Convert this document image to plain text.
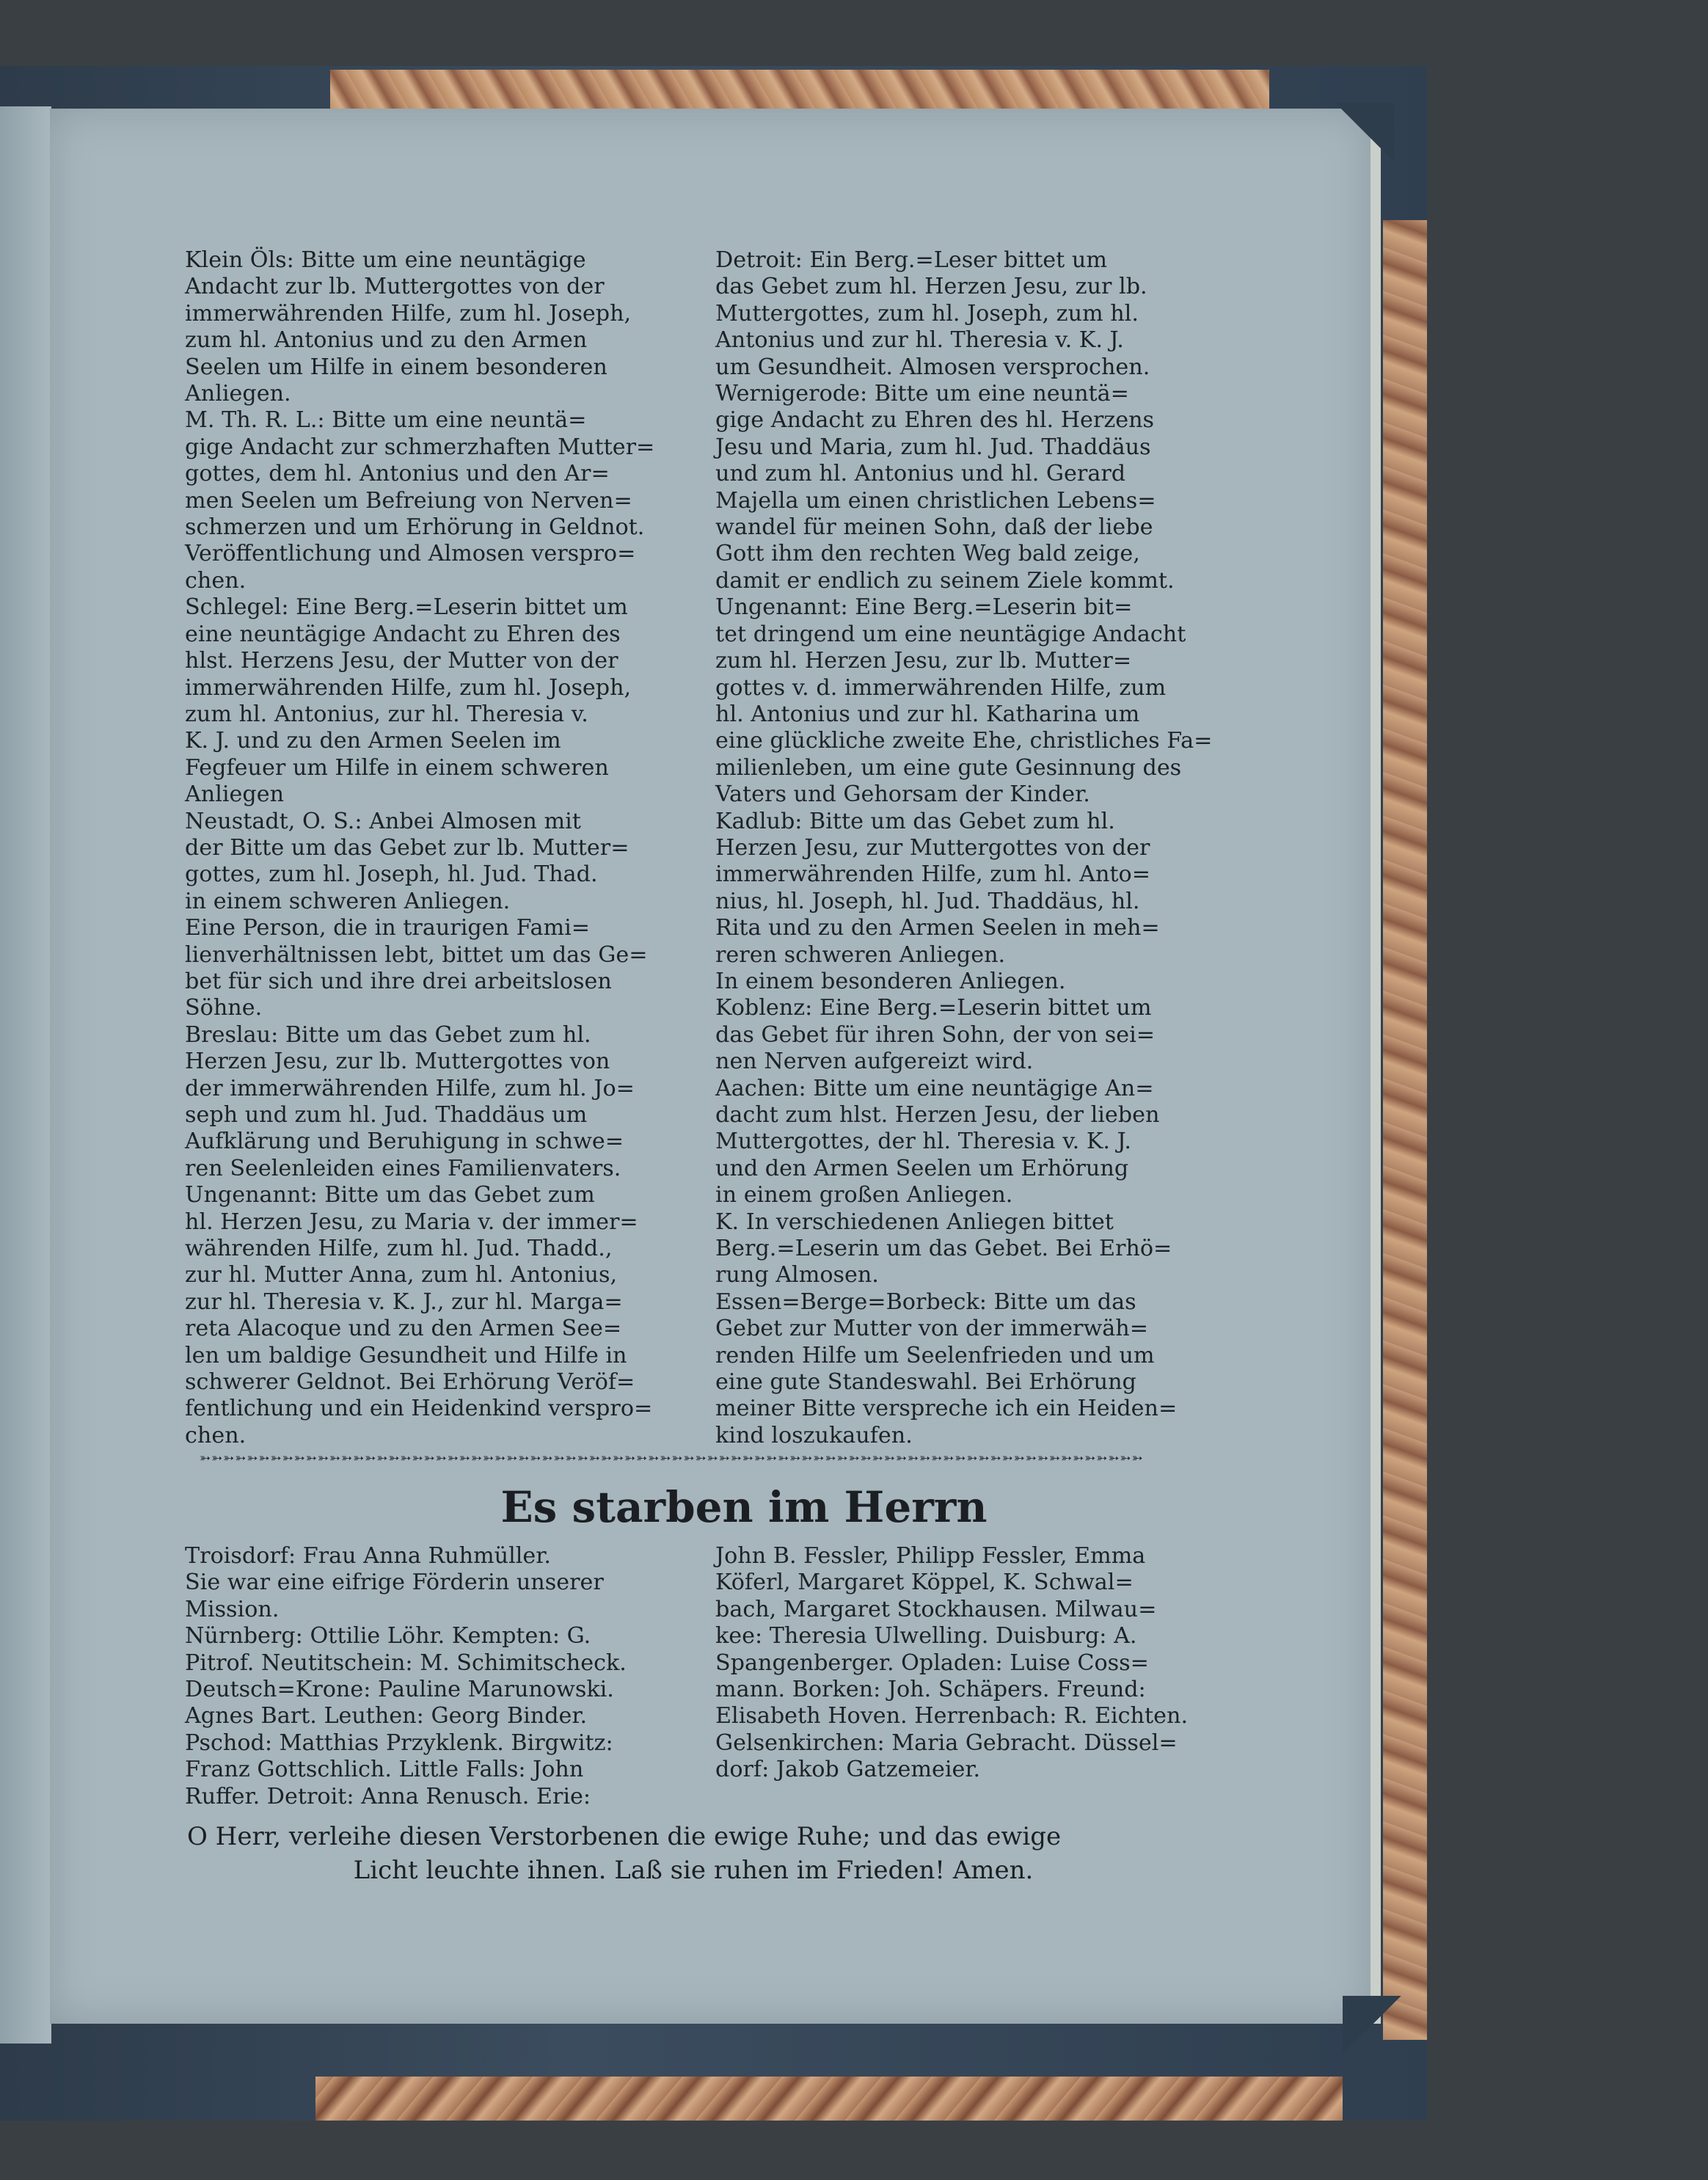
Klein Öls: Bitte um eine neuntägige
Andacht zur lb. Muttergottes von der
immerwährenden Hilfe, zum hl. Joseph,
zum hl. Antonius und zu den Armen
Seelen um Hilfe in einem besonderen
Anliegen.
M. Th. R. L.: Bitte um eine neuntä=
gige Andacht zur schmerzhaften Mutter=
gottes, dem hl. Antonius und den Ar=
men Seelen um Befreiung von Nerven=
schmerzen und um Erhörung in Geldnot.
Veröffentlichung und Almosen verspro=
chen.
Schlegel: Eine Berg.=Leserin bittet um
eine neuntägige Andacht zu Ehren des
hlst. Herzens Jesu, der Mutter von der
immerwährenden Hilfe, zum hl. Joseph,
zum hl. Antonius, zur hl. Theresia v.
K. J. und zu den Armen Seelen im
Fegfeuer um Hilfe in einem schweren
Anliegen
Neustadt, O. S.: Anbei Almosen mit
der Bitte um das Gebet zur lb. Mutter=
gottes, zum hl. Joseph, hl. Jud. Thad.
in einem schweren Anliegen.
Eine Person, die in traurigen Fami=
lienverhältnissen lebt, bittet um das Ge=
bet für sich und ihre drei arbeitslosen
Söhne.
Breslau: Bitte um das Gebet zum hl.
Herzen Jesu, zur lb. Muttergottes von
der immerwährenden Hilfe, zum hl. Jo=
seph und zum hl. Jud. Thaddäus um
Aufklärung und Beruhigung in schwe=
ren Seelenleiden eines Familienvaters.
Ungenannt: Bitte um das Gebet zum
hl. Herzen Jesu, zu Maria v. der immer=
währenden Hilfe, zum hl. Jud. Thadd.,
zur hl. Mutter Anna, zum hl. Antonius,
zur hl. Theresia v. K. J., zur hl. Marga=
reta Alacoque und zu den Armen See=
len um baldige Gesundheit und Hilfe in
schwerer Geldnot. Bei Erhörung Veröf=
fentlichung und ein Heidenkind verspro=
chen.
Detroit: Ein Berg.=Leser bittet um
das Gebet zum hl. Herzen Jesu, zur lb.
Muttergottes, zum hl. Joseph, zum hl.
Antonius und zur hl. Theresia v. K. J.
um Gesundheit. Almosen versprochen.
Wernigerode: Bitte um eine neuntä=
gige Andacht zu Ehren des hl. Herzens
Jesu und Maria, zum hl. Jud. Thaddäus
und zum hl. Antonius und hl. Gerard
Majella um einen christlichen Lebens=
wandel für meinen Sohn, daß der liebe
Gott ihm den rechten Weg bald zeige,
damit er endlich zu seinem Ziele kommt.
Ungenannt: Eine Berg.=Leserin bit=
tet dringend um eine neuntägige Andacht
zum hl. Herzen Jesu, zur lb. Mutter=
gottes v. d. immerwährenden Hilfe, zum
hl. Antonius und zur hl. Katharina um
eine glückliche zweite Ehe, christliches Fa=
milienleben, um eine gute Gesinnung des
Vaters und Gehorsam der Kinder.
Kadlub: Bitte um das Gebet zum hl.
Herzen Jesu, zur Muttergottes von der
immerwährenden Hilfe, zum hl. Anto=
nius, hl. Joseph, hl. Jud. Thaddäus, hl.
Rita und zu den Armen Seelen in meh=
reren schweren Anliegen.
In einem besonderen Anliegen.
Koblenz: Eine Berg.=Leserin bittet um
das Gebet für ihren Sohn, der von sei=
nen Nerven aufgereizt wird.
Aachen: Bitte um eine neuntägige An=
dacht zum hlst. Herzen Jesu, der lieben
Muttergottes, der hl. Theresia v. K. J.
und den Armen Seelen um Erhörung
in einem großen Anliegen.
K. In verschiedenen Anliegen bittet
Berg.=Leserin um das Gebet. Bei Erhö=
rung Almosen.
Essen=Berge=Borbeck: Bitte um das
Gebet zur Mutter von der immerwäh=
renden Hilfe um Seelenfrieden und um
eine gute Standeswahl. Bei Erhörung
meiner Bitte verspreche ich ein Heiden=
kind loszukaufen.
➳➳➳➳➳➳➳➳➳➳➳➳➳➳➳➳➳➳➳➳➳➳➳➳➳➳➳➳➳➳➳➳➳➳➳➳➳➳➳➳➳➳➳➳➳➳➳➳➳➳➳➳➳➳➳➳➳➳➳➳➳➳➳➳➳➳➳➳➳➳➳➳➳➳➳➳➳➳➳➳
Es starben im Herrn
Troisdorf: Frau Anna Ruhmüller.
Sie war eine eifrige Förderin unserer
Mission.
Nürnberg: Ottilie Löhr. Kempten: G.
Pitrof. Neutitschein: M. Schimitscheck.
Deutsch=Krone: Pauline Marunowski.
Agnes Bart. Leuthen: Georg Binder.
Pschod: Matthias Przyklenk. Birgwitz:
Franz Gottschlich. Little Falls: John
Ruffer. Detroit: Anna Renusch. Erie:
John B. Fessler, Philipp Fessler, Emma
Köferl, Margaret Köppel, K. Schwal=
bach, Margaret Stockhausen. Milwau=
kee: Theresia Ulwelling. Duisburg: A.
Spangenberger. Opladen: Luise Coss=
mann. Borken: Joh. Schäpers. Freund:
Elisabeth Hoven. Herrenbach: R. Eichten.
Gelsenkirchen: Maria Gebracht. Düssel=
dorf: Jakob Gatzemeier.
O Herr, verleihe diesen Verstorbenen die ewige Ruhe; und das ewige
Licht leuchte ihnen. Laß sie ruhen im Frieden! Amen.
